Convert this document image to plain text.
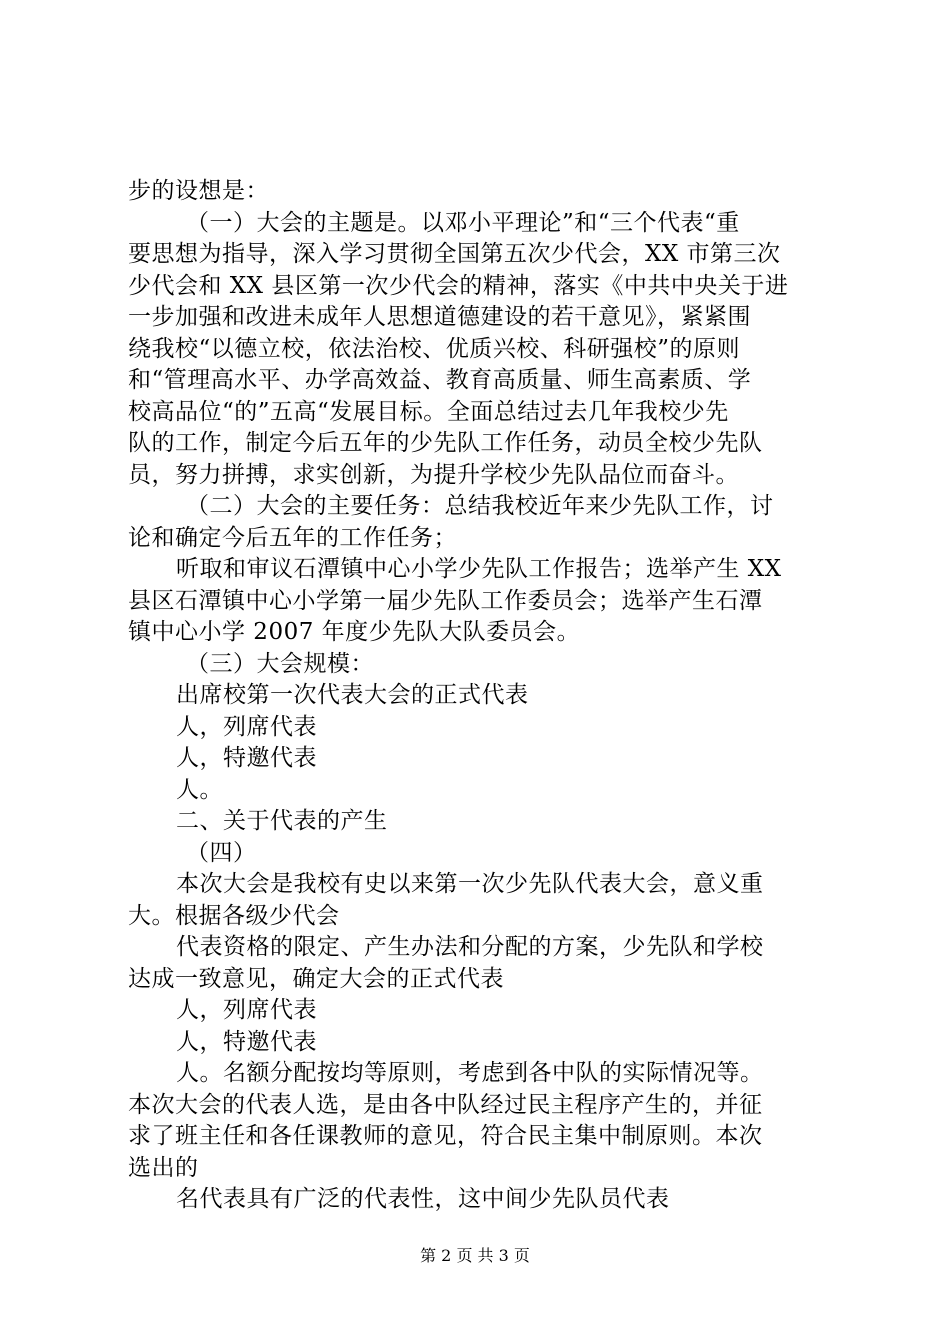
步的设想是：
（一）大会的主题是。以邓小平理论”和“三个代表“重
要思想为指导，深入学习贯彻全国第五次少代会，XX 市第三次
少代会和 XX 县区第一次少代会的精神，落实《中共中央关于进
一步加强和改进未成年人思想道德建设的若干意见》，紧紧围
绕我校“以德立校，依法治校、优质兴校、科研强校”的原则
和“管理高水平、办学高效益、教育高质量、师生高素质、学
校高品位“的”五高“发展目标。全面总结过去几年我校少先
队的工作，制定今后五年的少先队工作任务，动员全校少先队
员，努力拼搏，求实创新，为提升学校少先队品位而奋斗。
（二）大会的主要任务：总结我校近年来少先队工作，讨
论和确定今后五年的工作任务；
听取和审议石潭镇中心小学少先队工作报告；选举产生 XX
县区石潭镇中心小学第一届少先队工作委员会；选举产生石潭
镇中心小学 2007 年度少先队大队委员会。
（三）大会规模：
出席校第一次代表大会的正式代表
人，列席代表
人，特邀代表
人。
二、关于代表的产生
（四）
本次大会是我校有史以来第一次少先队代表大会，意义重
大。根据各级少代会
代表资格的限定、产生办法和分配的方案，少先队和学校
达成一致意见，确定大会的正式代表
人，列席代表
人，特邀代表
人。名额分配按均等原则，考虑到各中队的实际情况等。
本次大会的代表人选，是由各中队经过民主程序产生的，并征
求了班主任和各任课教师的意见，符合民主集中制原则。本次
选出的
名代表具有广泛的代表性，这中间少先队员代表
第 2 页 共 3 页
